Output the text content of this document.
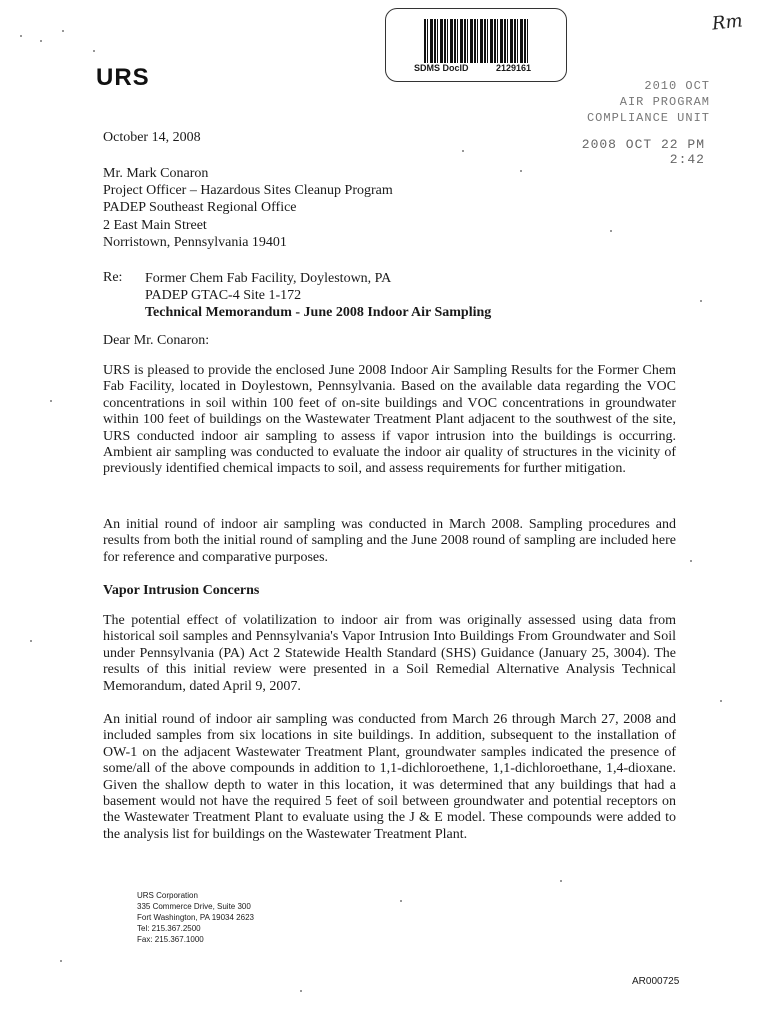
URS	SDMS DocID	2129161
Rm
2010 OCT
AIR PROGRAM
COMPLIANCE UNIT
2008 OCT 22 PM 2:42
October 14, 2008
Mr. Mark Conaron
Project Officer – Hazardous Sites Cleanup Program
PADEP Southeast Regional Office
2 East Main Street
Norristown, Pennsylvania 19401
Re: Former Chem Fab Facility, Doylestown, PA
PADEP GTAC-4 Site 1-172
Technical Memorandum - June 2008 Indoor Air Sampling
Dear Mr. Conaron:

URS is pleased to provide the enclosed June 2008 Indoor Air Sampling Results for the Former Chem Fab Facility, located in Doylestown, Pennsylvania. Based on the available data regarding the VOC concentrations in soil within 100 feet of on-site buildings and VOC concentrations in groundwater within 100 feet of buildings on the Wastewater Treatment Plant adjacent to the southwest of the site, URS conducted indoor air sampling to assess if vapor intrusion into the buildings is occurring. Ambient air sampling was conducted to evaluate the indoor air quality of structures in the vicinity of previously identified chemical impacts to soil, and assess requirements for further mitigation.

An initial round of indoor air sampling was conducted in March 2008. Sampling procedures and results from both the initial round of sampling and the June 2008 round of sampling are included here for reference and comparative purposes.

Vapor Intrusion Concerns

The potential effect of volatilization to indoor air from was originally assessed using data from historical soil samples and Pennsylvania's Vapor Intrusion Into Buildings From Groundwater and Soil under Pennsylvania (PA) Act 2 Statewide Health Standard (SHS) Guidance (January 25, 3004). The results of this initial review were presented in a Soil Remedial Alternative Analysis Technical Memorandum, dated April 9, 2007.

An initial round of indoor air sampling was conducted from March 26 through March 27, 2008 and included samples from six locations in site buildings. In addition, subsequent to the installation of OW-1 on the adjacent Wastewater Treatment Plant, groundwater samples indicated the presence of some/all of the above compounds in addition to 1,1-dichloroethene, 1,1-dichloroethane, 1,4-dioxane. Given the shallow depth to water in this location, it was determined that any buildings that had a basement would not have the required 5 feet of soil between groundwater and potential receptors on the Wastewater Treatment Plant to evaluate using the J & E model. These compounds were added to the analysis list for buildings on the Wastewater Treatment Plant.

URS Corporation
335 Commerce Drive, Suite 300
Fort Washington, PA 19034 2623
Tel: 215.367.2500
Fax: 215.367.1000
AR000725
